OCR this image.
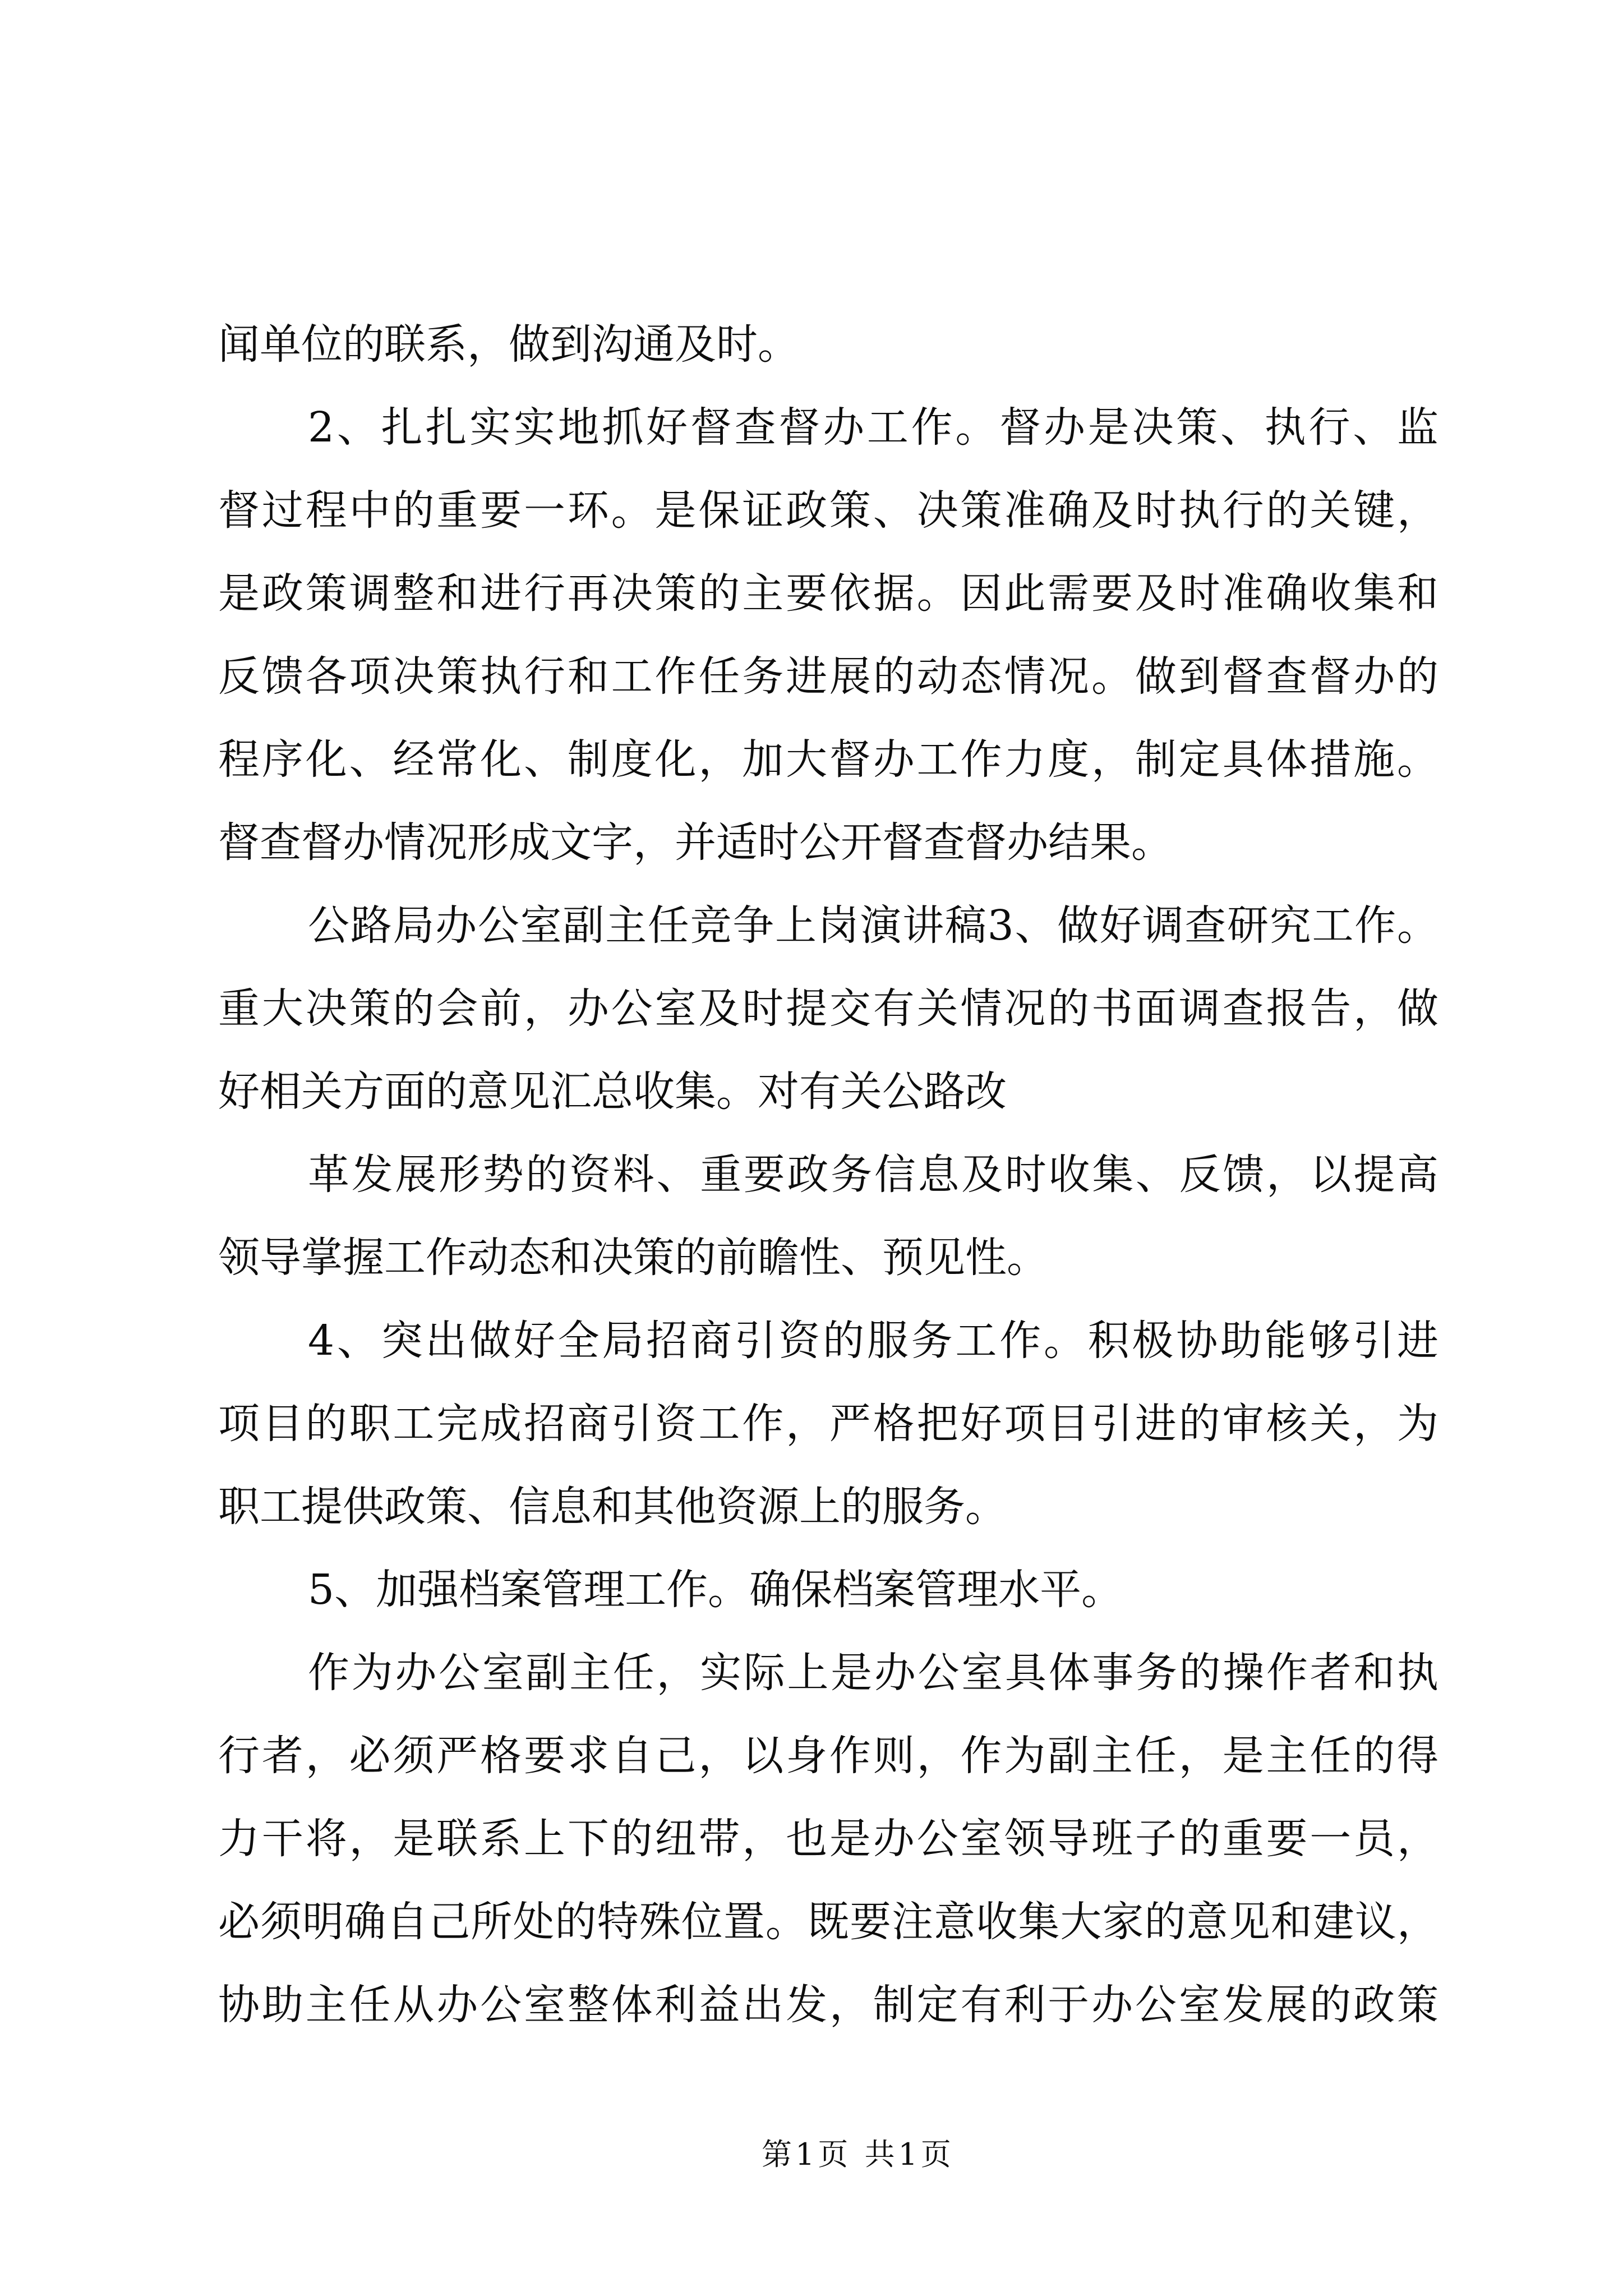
闻单位的联系，做到沟通及时。
2、扎扎实实地抓好督查督办工作。督办是决策、执行、监
督过程中的重要一环。是保证政策、决策准确及时执行的关键，
是政策调整和进行再决策的主要依据。因此需要及时准确收集和
反馈各项决策执行和工作任务进展的动态情况。做到督查督办的
程序化、经常化、制度化，加大督办工作力度，制定具体措施。
督查督办情况形成文字，并适时公开督查督办结果。
公路局办公室副主任竞争上岗演讲稿3、做好调查研究工作。
重大决策的会前，办公室及时提交有关情况的书面调查报告，做
好相关方面的意见汇总收集。对有关公路改
革发展形势的资料、重要政务信息及时收集、反馈，以提高
领导掌握工作动态和决策的前瞻性、预见性。
4、突出做好全局招商引资的服务工作。积极协助能够引进
项目的职工完成招商引资工作，严格把好项目引进的审核关，为
职工提供政策、信息和其他资源上的服务。
5、加强档案管理工作。确保档案管理水平。
作为办公室副主任，实际上是办公室具体事务的操作者和执
行者，必须严格要求自己，以身作则，作为副主任，是主任的得
力干将，是联系上下的纽带，也是办公室领导班子的重要一员，
必须明确自己所处的特殊位置。既要注意收集大家的意见和建议，
协助主任从办公室整体利益出发，制定有利于办公室发展的政策
第1页 共1页
